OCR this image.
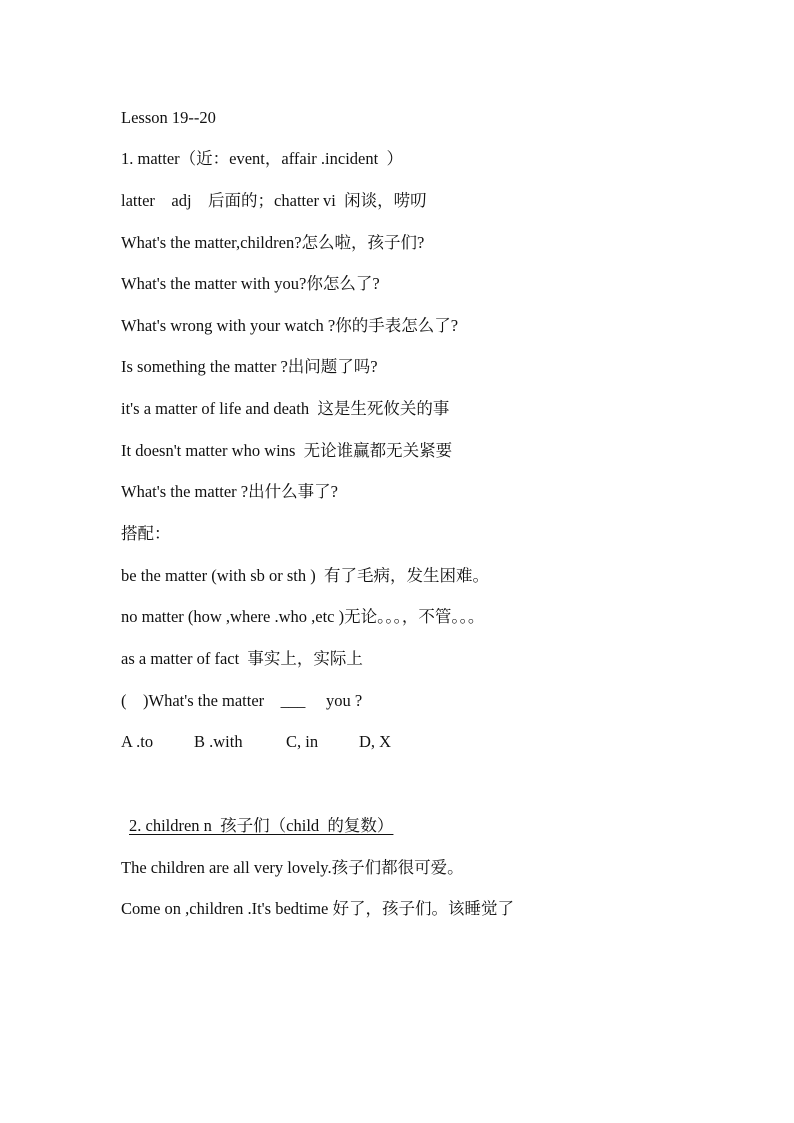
Lesson 19--20
1. matter（近：event，affair .incident  ）
latter    adj    后面的；chatter vi  闲谈，唠叨
What's the matter,children?怎么啦，孩子们?
What's the matter with you?你怎么了?
What's wrong with your watch ?你的手表怎么了?
Is something the matter ?出问题了吗?
it's a matter of life and death  这是生死攸关的事
It doesn't matter who wins  无论谁赢都无关紧要
What's the matter ?出什么事了?
搭配：
be the matter (with sb or sth )  有了毛病，发生困难。
no matter (how ,where .who ,etc )无论。。。，不管。。。
as a matter of fact  事实上，实际上
(    )What's the matter    ___     you ?
A .to B .with	C, in D, X
2. children n  孩子们（child  的复数）
The children are all very lovely.孩子们都很可爱。
Come on ,children .It's bedtime 好了，孩子们。该睡觉了
